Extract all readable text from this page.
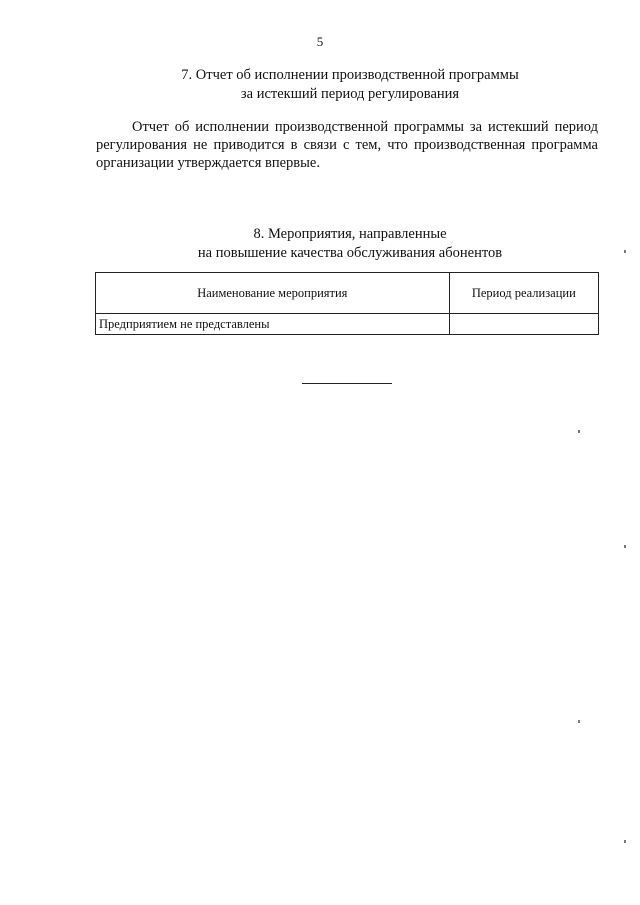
5
7. Отчет об исполнении производственной программы
за истекший период регулирования
Отчет об исполнении производственной программы за истекший период регулирования не приводится в связи с тем, что производственная программа организации утверждается впервые.
8. Мероприятия, направленные
на повышение качества обслуживания абонентов
Наименование мероприятия	Период реализации
Предприятием не представлены	
